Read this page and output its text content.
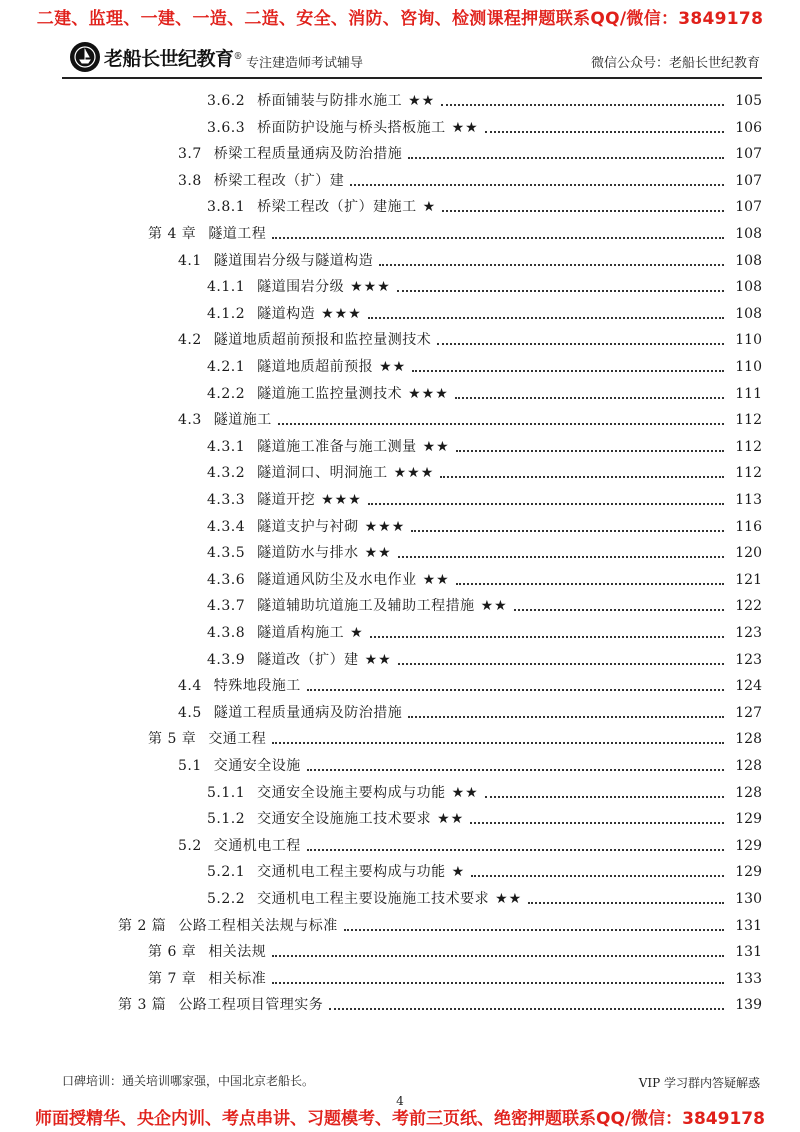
二建、监理、一建、一造、二造、安全、消防、咨询、检测课程押题联系QQ/微信：3849178
老船长世纪教育 ® 专注建造师考试辅导	微信公众号：老船长世纪教育
3.6.2 桥面铺装与防排水施工 ★★	105
3.6.3 桥面防护设施与桥头搭板施工 ★★	106
3.7 桥梁工程质量通病及防治措施	107
3.8 桥梁工程改（扩）建	107
3.8.1 桥梁工程改（扩）建施工 ★	107
第 4 章 隧道工程	108
4.1 隧道围岩分级与隧道构造	108
4.1.1 隧道围岩分级 ★★★	108
4.1.2 隧道构造 ★★★	108
4.2 隧道地质超前预报和监控量测技术	110
4.2.1 隧道地质超前预报 ★★	110
4.2.2 隧道施工监控量测技术 ★★★	111
4.3 隧道施工	112
4.3.1 隧道施工准备与施工测量 ★★	112
4.3.2 隧道洞口、明洞施工 ★★★	112
4.3.3 隧道开挖 ★★★	113
4.3.4 隧道支护与衬砌 ★★★	116
4.3.5 隧道防水与排水 ★★	120
4.3.6 隧道通风防尘及水电作业 ★★	121
4.3.7 隧道辅助坑道施工及辅助工程措施 ★★	122
4.3.8 隧道盾构施工 ★	123
4.3.9 隧道改（扩）建 ★★	123
4.4 特殊地段施工	124
4.5 隧道工程质量通病及防治措施	127
第 5 章 交通工程	128
5.1 交通安全设施	128
5.1.1 交通安全设施主要构成与功能 ★★	128
5.1.2 交通安全设施施工技术要求 ★★	129
5.2 交通机电工程	129
5.2.1 交通机电工程主要构成与功能 ★	129
5.2.2 交通机电工程主要设施施工技术要求 ★★	130
第 2 篇 公路工程相关法规与标准	131
第 6 章 相关法规	131
第 7 章 相关标准	133
第 3 篇 公路工程项目管理实务	139
口碑培训：通关培训哪家强，中国北京老船长。	VIP 学习群内答疑解惑
4
师面授精华、央企内训、考点串讲、习题模考、考前三页纸、绝密押题联系QQ/微信：3849178
